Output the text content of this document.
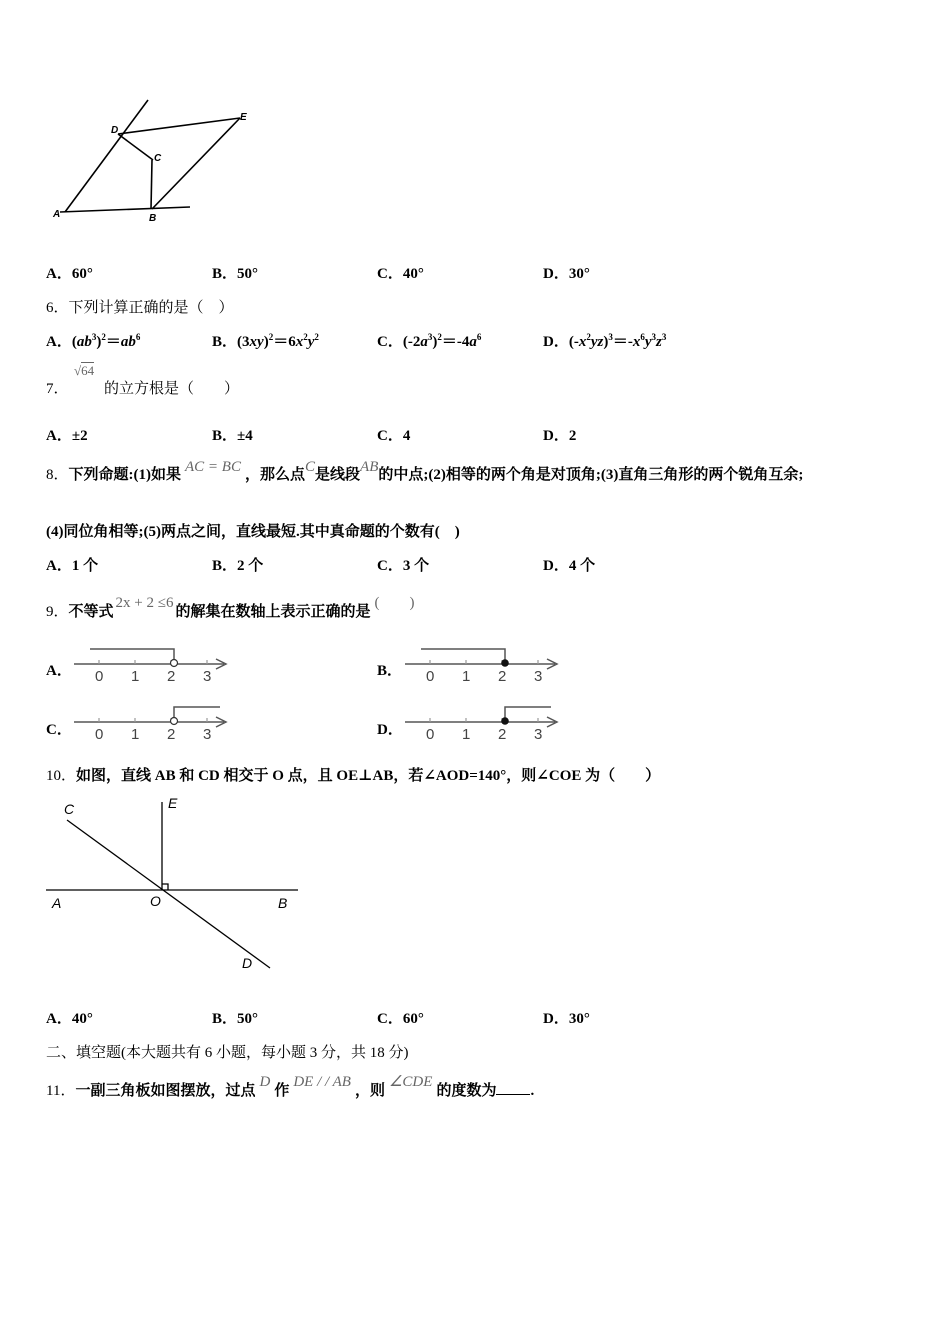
D
E
C
A	B
A．60°	B．50°	C．40°	D．30°
6．下列计算正确的是（　）
A．$(ab^3)^2=ab^6$	B．$(3xy)^2=6x^2y^2$	C．$(-2a^3)^2=-4a^6$	D．$(-x^2yz)^3=-x^6y^3z^3$
7．
√64
的立方根是（　　）
A．±2	B．±4	C．4	D．2
8．下列命题:(1)如果 AC = BC ，那么点C是线段AB的中点;(2)相等的两个角是对顶角;(3)直角三角形的两个锐角互余;
(4)同位角相等;(5)两点之间，直线最短.其中真命题的个数有(　)
A．1 个	B．2 个	C．3 个	D．4 个
9．不等式2x + 2 ≤6的解集在数轴上表示正确的是(　　)
A． 0 1 2 3	B． 0 1 2 3
C． 0 1 2 3	D． 0 1 2 3
10．如图，直线 AB 和 CD 相交于 O 点，且 OE⊥AB，若∠AOD=140°，则∠COE 为（　　）
C	E
A	O	B
D
A．40°	B．50°	C．60°	D．30°
二、填空题(本大题共有 6 小题，每小题 3 分，共 18 分)
11．一副三角板如图摆放，过点D作DE / / AB，则∠CDE的度数为 .
